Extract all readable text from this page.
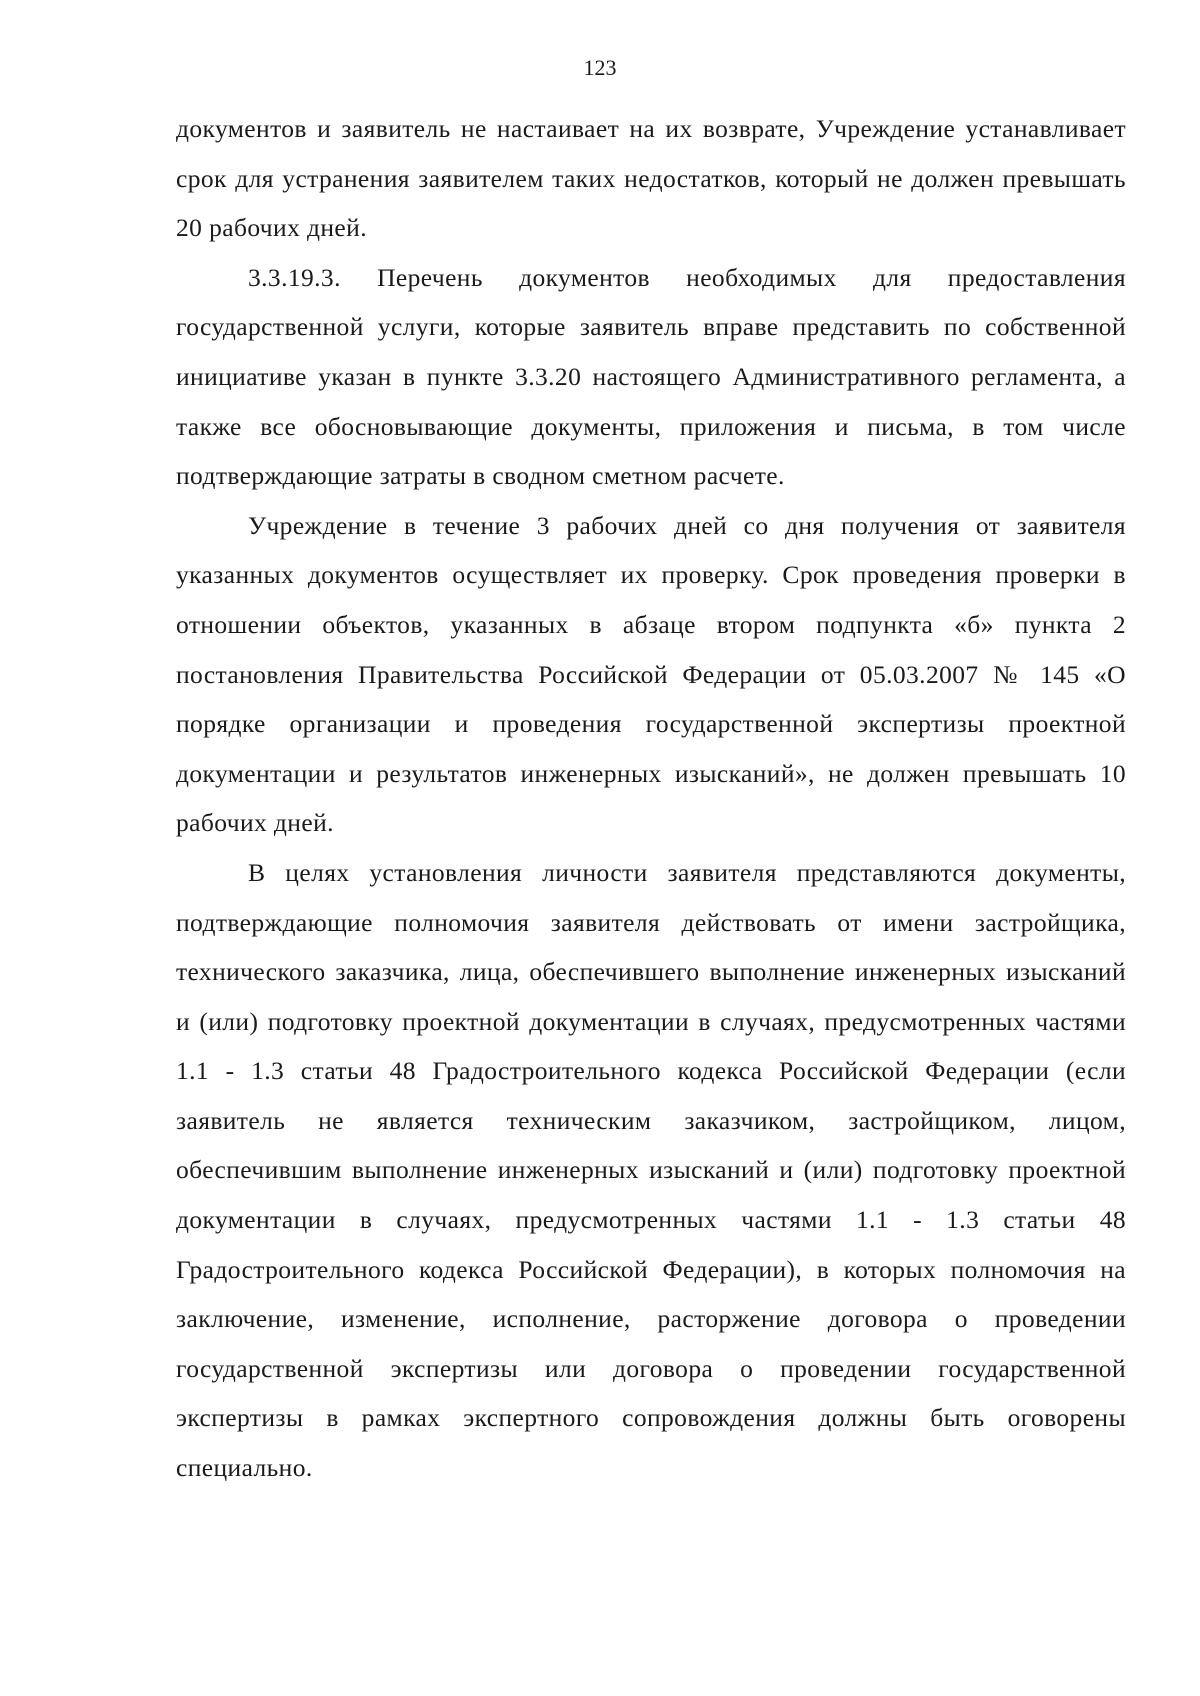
123

документов и заявитель не настаивает на их возврате, Учреждение устанавливает срок для устранения заявителем таких недостатков, который не должен превышать 20 рабочих дней.

3.3.19.3. Перечень документов необходимых для предоставления государственной услуги, которые заявитель вправе представить по собственной инициативе указан в пункте 3.3.20 настоящего Административного регламента, а также все обосновывающие документы, приложения и письма, в том числе подтверждающие затраты в сводном сметном расчете.

Учреждение в течение 3 рабочих дней со дня получения от заявителя указанных документов осуществляет их проверку. Срок проведения проверки в отношении объектов, указанных в абзаце втором подпункта «б» пункта 2 постановления Правительства Российской Федерации от 05.03.2007 № 145 «О порядке организации и проведения государственной экспертизы проектной документации и результатов инженерных изысканий», не должен превышать 10 рабочих дней.

В целях установления личности заявителя представляются документы, подтверждающие полномочия заявителя действовать от имени застройщика, технического заказчика, лица, обеспечившего выполнение инженерных изысканий и (или) подготовку проектной документации в случаях, предусмотренных частями 1.1 - 1.3 статьи 48 Градостроительного кодекса Российской Федерации (если заявитель не является техническим заказчиком, застройщиком, лицом, обеспечившим выполнение инженерных изысканий и (или) подготовку проектной документации в случаях, предусмотренных частями 1.1 - 1.3 статьи 48 Градостроительного кодекса Российской Федерации), в которых полномочия на заключение, изменение, исполнение, расторжение договора о проведении государственной экспертизы или договора о проведении государственной экспертизы в рамках экспертного сопровождения должны быть оговорены специально.
